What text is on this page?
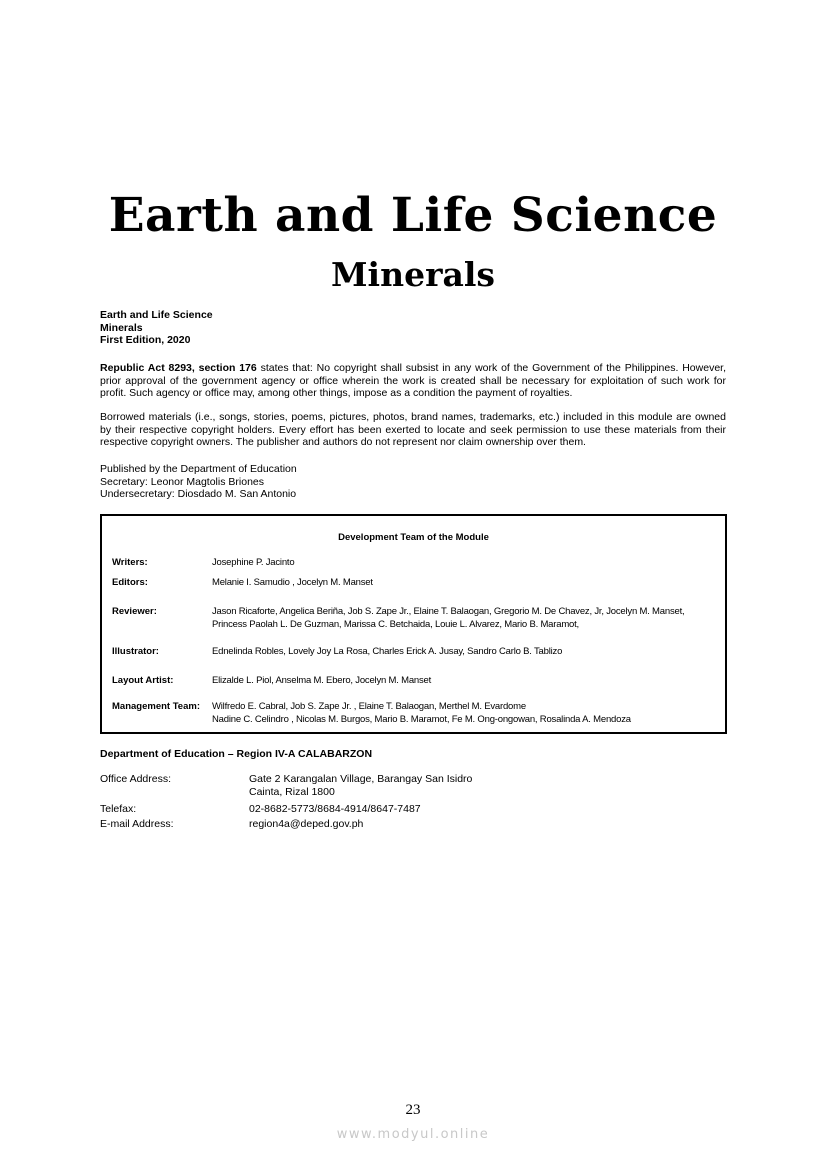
Earth and Life Science
Minerals
Earth and Life Science
Minerals
First Edition, 2020
Republic Act 8293, section 176 states that: No copyright shall subsist in any work of the Government of the Philippines. However, prior approval of the government agency or office wherein the work is created shall be necessary for exploitation of such work for profit. Such agency or office may, among other things, impose as a condition the payment of royalties.
Borrowed materials (i.e., songs, stories, poems, pictures, photos, brand names, trademarks, etc.) included in this module are owned by their respective copyright holders. Every effort has been exerted to locate and seek permission to use these materials from their respective copyright owners. The publisher and authors do not represent nor claim ownership over them.
Published by the Department of Education
Secretary: Leonor Magtolis Briones
Undersecretary: Diosdado M. San Antonio
Development Team of the Module
Writers:	Josephine P. Jacinto
Editors:	Melanie I. Samudio , Jocelyn M. Manset
Reviewer:	Jason Ricaforte, Angelica Beriña, Job S. Zape Jr., Elaine T. Balaogan, Gregorio M. De Chavez, Jr, Jocelyn M. Manset,
Princess Paolah L. De Guzman, Marissa C. Betchaida, Louie L. Alvarez, Mario B. Maramot,
Illustrator:	Ednelinda Robles, Lovely Joy La Rosa, Charles Erick A. Jusay, Sandro Carlo B. Tablizo
Layout Artist:	Elizalde L. Piol, Anselma M. Ebero, Jocelyn M. Manset
Management Team: Wilfredo E. Cabral, Job S. Zape Jr. , Elaine T. Balaogan, Merthel M. Evardome
Nadine C. Celindro , Nicolas M. Burgos, Mario B. Maramot, Fe M. Ong-ongowan, Rosalinda A. Mendoza
Department of Education – Region IV-A CALABARZON
Office Address:	Gate 2 Karangalan Village, Barangay San Isidro
Cainta, Rizal 1800
Telefax:	02-8682-5773/8684-4914/8647-7487
E-mail Address:	region4a@deped.gov.ph
23
www.modyul.online
